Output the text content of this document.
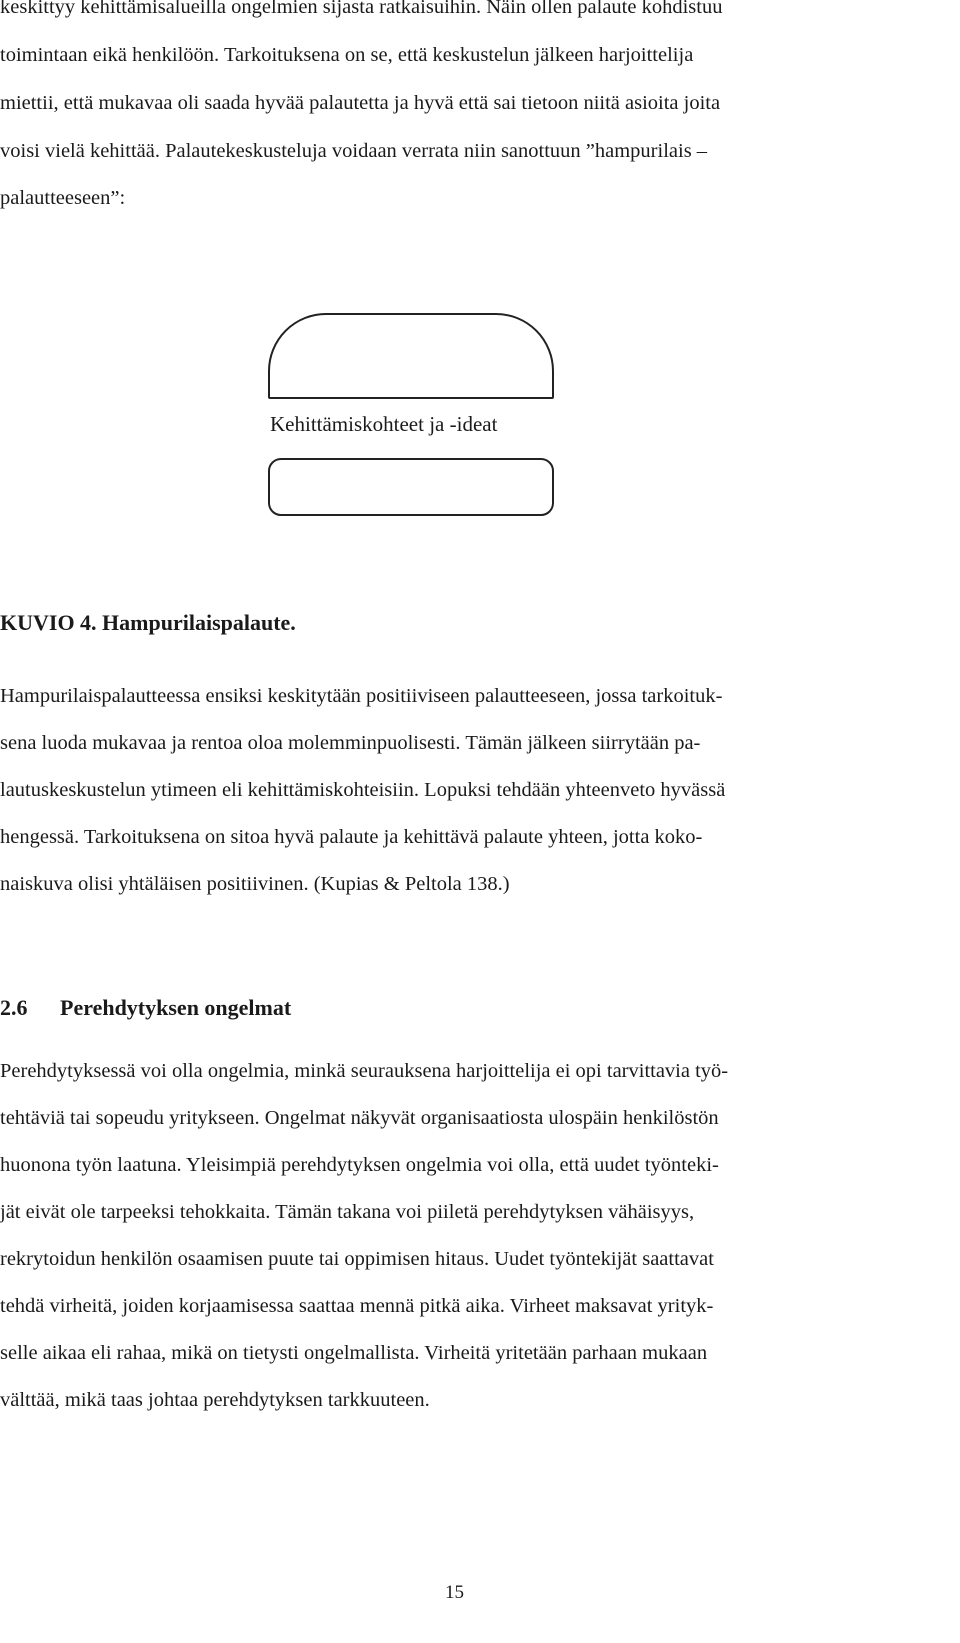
keskittyy kehittämisalueilla ongelmien sijasta ratkaisuihin. Näin ollen palaute kohdistuu

toimintaan eikä henkilöön. Tarkoituksena on se, että keskustelun jälkeen harjoittelija

miettii, että mukavaa oli saada hyvää palautetta ja hyvä että sai tietoon niitä asioita joita

voisi vielä kehittää. Palautekeskusteluja voidaan verrata niin sanottuun ”hampurilais –

palautteeseen”:

Kehittämiskohteet ja -ideat

KUVIO 4. Hampurilaispalaute.

Hampurilaispalautteessa ensiksi keskitytään positiiviseen palautteeseen, jossa tarkoituk-

sena luoda mukavaa ja rentoa oloa molemminpuolisesti. Tämän jälkeen siirrytään pa-

lautuskeskustelun ytimeen eli kehittämiskohteisiin. Lopuksi tehdään yhteenveto hyvässä

hengessä. Tarkoituksena on sitoa hyvä palaute ja kehittävä palaute yhteen, jotta koko-

naiskuva olisi yhtäläisen positiivinen. (Kupias & Peltola 138.)

2.6 Perehdytyksen ongelmat

Perehdytyksessä voi olla ongelmia, minkä seurauksena harjoittelija ei opi tarvittavia työ-

tehtäviä tai sopeudu yritykseen. Ongelmat näkyvät organisaatiosta ulospäin henkilöstön

huonona työn laatuna. Yleisimpiä perehdytyksen ongelmia voi olla, että uudet työnteki-

jät eivät ole tarpeeksi tehokkaita. Tämän takana voi piiletä perehdytyksen vähäisyys,

rekrytoidun henkilön osaamisen puute tai oppimisen hitaus. Uudet työntekijät saattavat

tehdä virheitä, joiden korjaamisessa saattaa mennä pitkä aika. Virheet maksavat yrityk-

selle aikaa eli rahaa, mikä on tietysti ongelmallista. Virheitä yritetään parhaan mukaan

välttää, mikä taas johtaa perehdytyksen tarkkuuteen.

15
